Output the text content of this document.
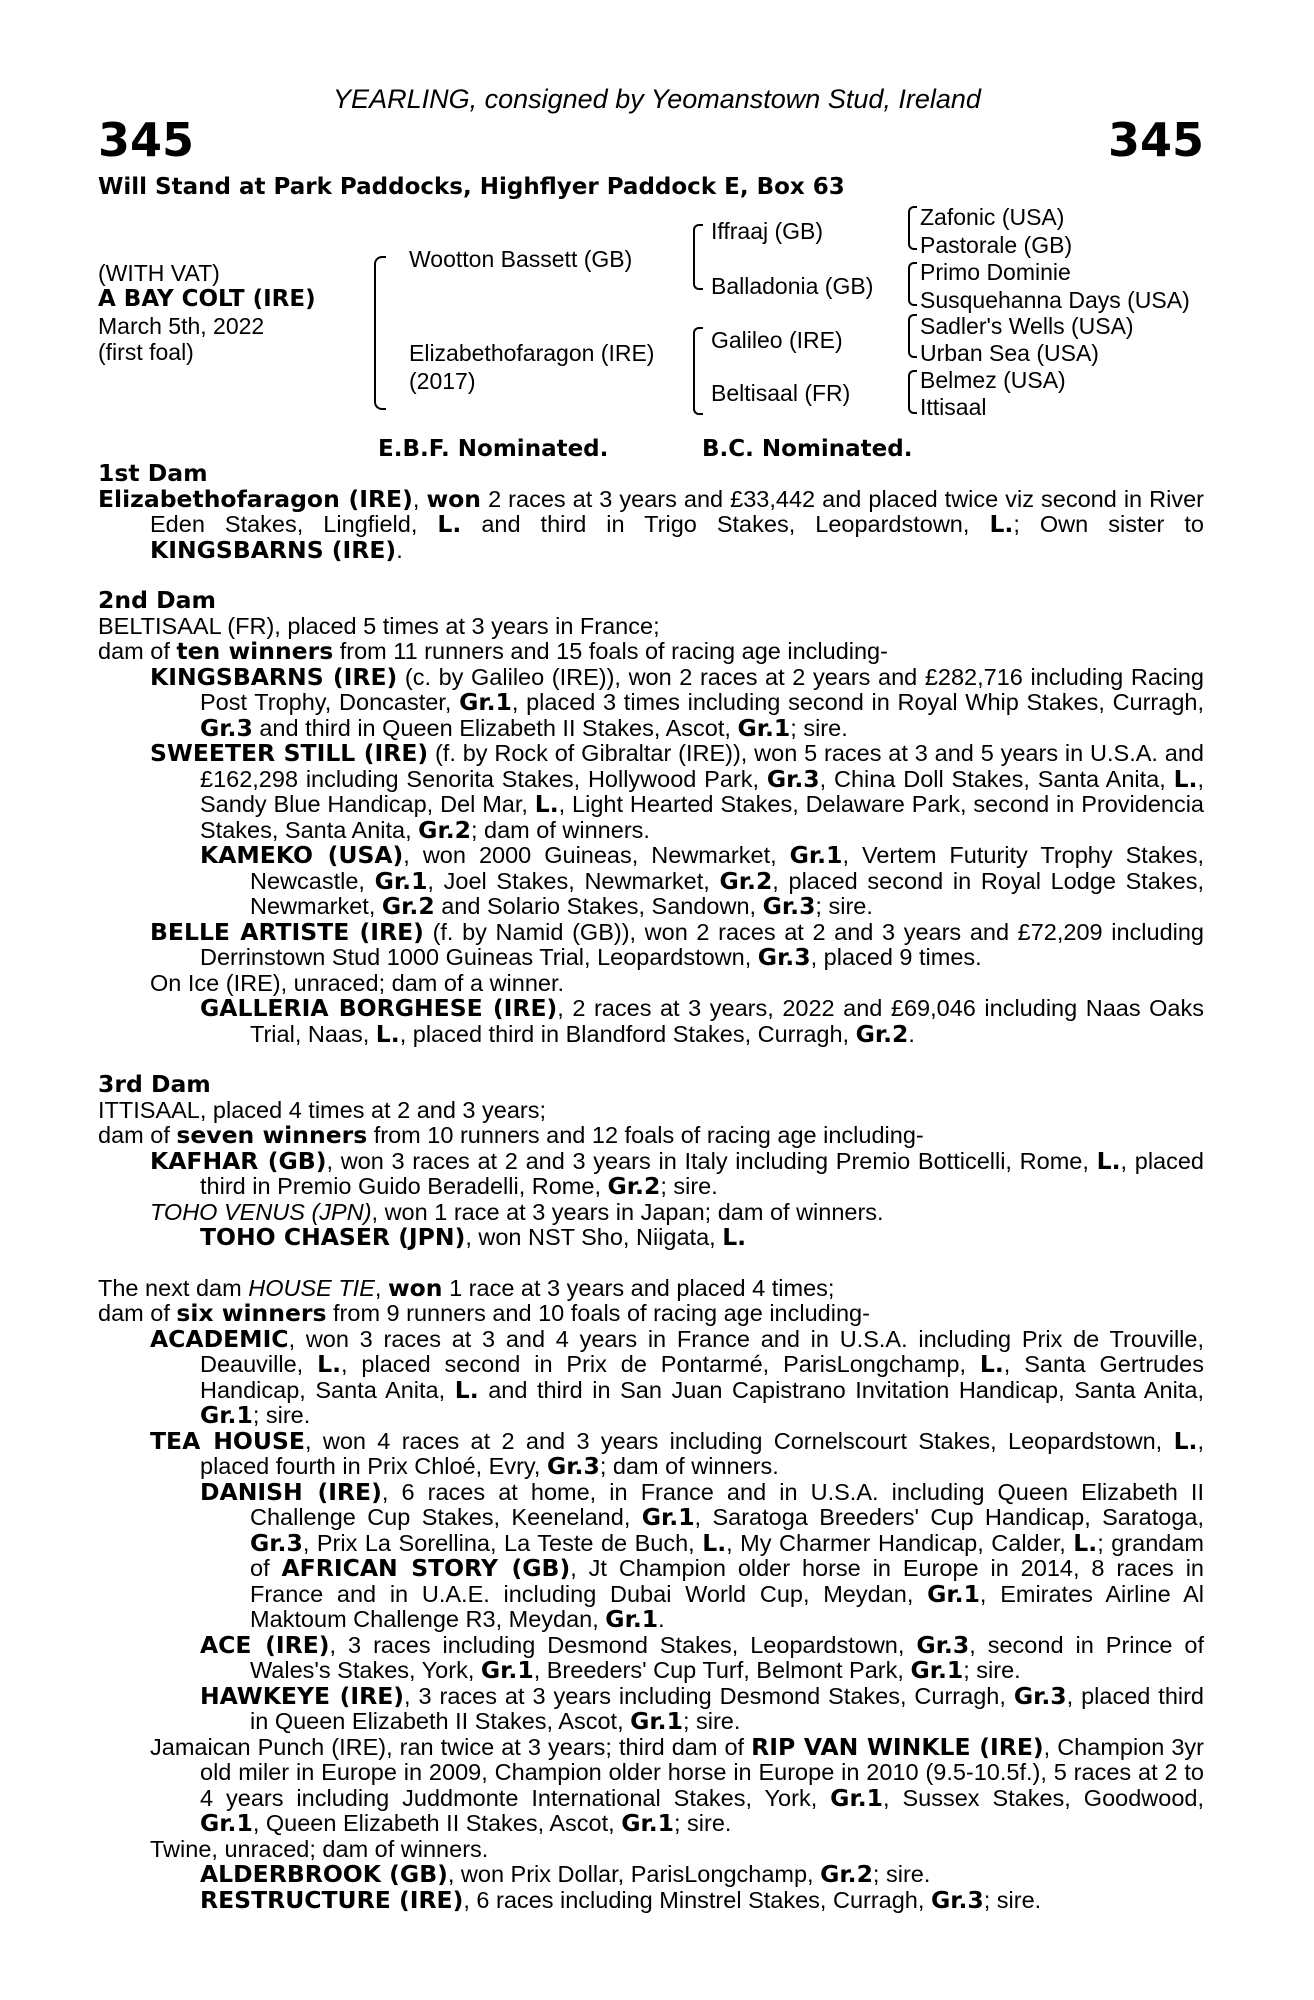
345	345
YEARLING, consigned by Yeomanstown Stud, Ireland
Will Stand at Park Paddocks, Highflyer Paddock E, Box 63
(WITH VAT)
A BAY COLT (IRE)
March 5th, 2022
(first foal)
Wootton Bassett (GB)
Elizabethofaragon (IRE)
(2017)
Iffraaj (GB)
Balladonia (GB)
Galileo (IRE)
Beltisaal (FR)
Zafonic (USA)
Pastorale (GB)
Primo Dominie
Susquehanna Days (USA)
Sadler's Wells (USA)
Urban Sea (USA)
Belmez (USA)
Ittisaal
E.B.F. Nominated.	B.C. Nominated.

1st Dam

Elizabethofaragon (IRE), won 2 races at 3 years and £33,442 and placed twice viz second in River Eden Stakes, Lingfield, L. and third in Trigo Stakes, Leopardstown, L.; Own sister to KINGSBARNS (IRE).

2nd Dam

BELTISAAL (FR), placed 5 times at 3 years in France;

dam of ten winners from 11 runners and 15 foals of racing age including-

KINGSBARNS (IRE) (c. by Galileo (IRE)), won 2 races at 2 years and £282,716 including Racing Post Trophy, Doncaster, Gr.1, placed 3 times including second in Royal Whip Stakes, Curragh, Gr.3 and third in Queen Elizabeth II Stakes, Ascot, Gr.1; sire.

SWEETER STILL (IRE) (f. by Rock of Gibraltar (IRE)), won 5 races at 3 and 5 years in U.S.A. and £162,298 including Senorita Stakes, Hollywood Park, Gr.3, China Doll Stakes, Santa Anita, L., Sandy Blue Handicap, Del Mar, L., Light Hearted Stakes, Delaware Park, second in Providencia Stakes, Santa Anita, Gr.2; dam of winners.

KAMEKO (USA), won 2000 Guineas, Newmarket, Gr.1, Vertem Futurity Trophy Stakes, Newcastle, Gr.1, Joel Stakes, Newmarket, Gr.2, placed second in Royal Lodge Stakes, Newmarket, Gr.2 and Solario Stakes, Sandown, Gr.3; sire.

BELLE ARTISTE (IRE) (f. by Namid (GB)), won 2 races at 2 and 3 years and £72,209 including Derrinstown Stud 1000 Guineas Trial, Leopardstown, Gr.3, placed 9 times.

On Ice (IRE), unraced; dam of a winner.

GALLERIA BORGHESE (IRE), 2 races at 3 years, 2022 and £69,046 including Naas Oaks Trial, Naas, L., placed third in Blandford Stakes, Curragh, Gr.2.

3rd Dam

ITTISAAL, placed 4 times at 2 and 3 years;

dam of seven winners from 10 runners and 12 foals of racing age including-

KAFHAR (GB), won 3 races at 2 and 3 years in Italy including Premio Botticelli, Rome, L., placed third in Premio Guido Beradelli, Rome, Gr.2; sire.

TOHO VENUS (JPN), won 1 race at 3 years in Japan; dam of winners.

TOHO CHASER (JPN), won NST Sho, Niigata, L.

The next dam HOUSE TIE, won 1 race at 3 years and placed 4 times;

dam of six winners from 9 runners and 10 foals of racing age including-

ACADEMIC, won 3 races at 3 and 4 years in France and in U.S.A. including Prix de Trouville, Deauville, L., placed second in Prix de Pontarmé, ParisLongchamp, L., Santa Gertrudes Handicap, Santa Anita, L. and third in San Juan Capistrano Invitation Handicap, Santa Anita, Gr.1; sire.

TEA HOUSE, won 4 races at 2 and 3 years including Cornelscourt Stakes, Leopardstown, L., placed fourth in Prix Chloé, Evry, Gr.3; dam of winners.

DANISH (IRE), 6 races at home, in France and in U.S.A. including Queen Elizabeth II Challenge Cup Stakes, Keeneland, Gr.1, Saratoga Breeders' Cup Handicap, Saratoga, Gr.3, Prix La Sorellina, La Teste de Buch, L., My Charmer Handicap, Calder, L.; grandam of AFRICAN STORY (GB), Jt Champion older horse in Europe in 2014, 8 races in France and in U.A.E. including Dubai World Cup, Meydan, Gr.1, Emirates Airline Al Maktoum Challenge R3, Meydan, Gr.1.

ACE (IRE), 3 races including Desmond Stakes, Leopardstown, Gr.3, second in Prince of Wales's Stakes, York, Gr.1, Breeders' Cup Turf, Belmont Park, Gr.1; sire.

HAWKEYE (IRE), 3 races at 3 years including Desmond Stakes, Curragh, Gr.3, placed third in Queen Elizabeth II Stakes, Ascot, Gr.1; sire.

Jamaican Punch (IRE), ran twice at 3 years; third dam of RIP VAN WINKLE (IRE), Champion 3yr old miler in Europe in 2009, Champion older horse in Europe in 2010 (9.5-10.5f.), 5 races at 2 to 4 years including Juddmonte International Stakes, York, Gr.1, Sussex Stakes, Goodwood, Gr.1, Queen Elizabeth II Stakes, Ascot, Gr.1; sire.

Twine, unraced; dam of winners.

ALDERBROOK (GB), won Prix Dollar, ParisLongchamp, Gr.2; sire.

RESTRUCTURE (IRE), 6 races including Minstrel Stakes, Curragh, Gr.3; sire.
